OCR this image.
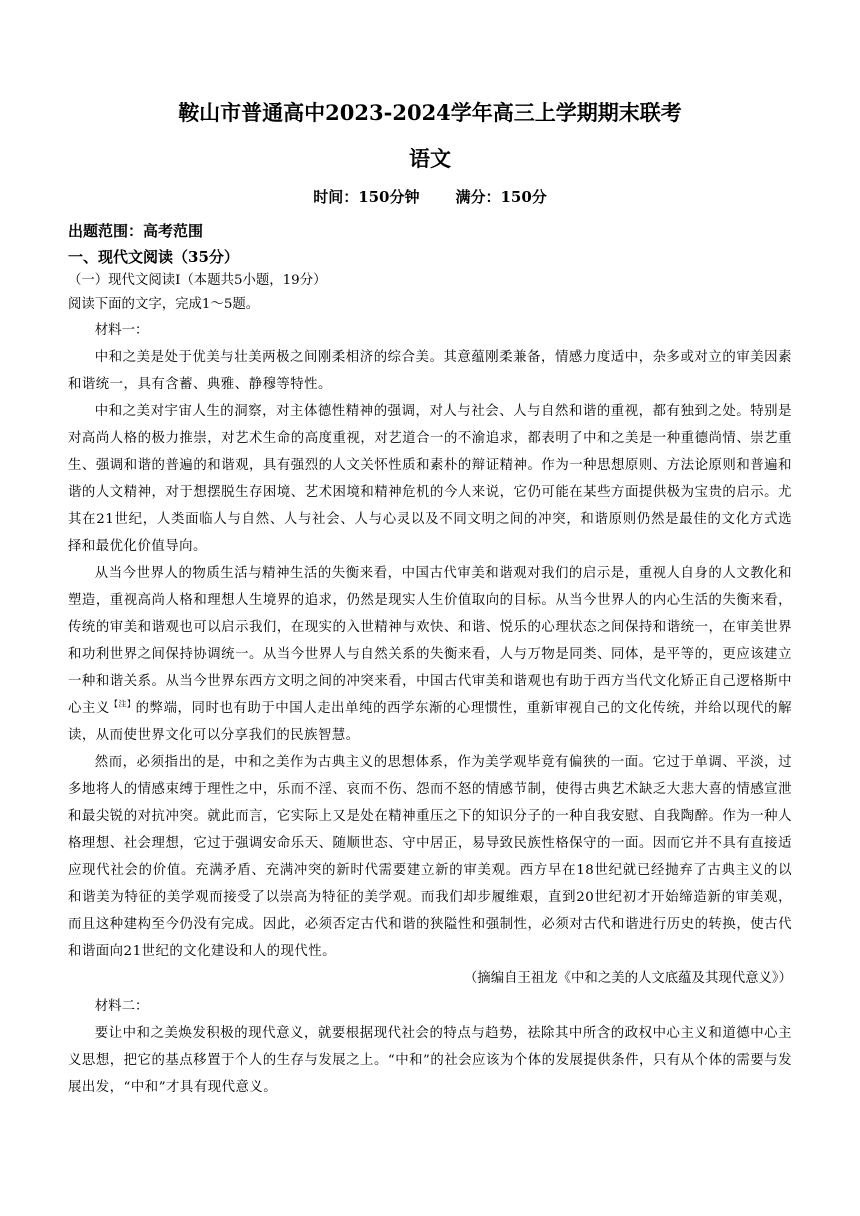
鞍山市普通高中2023-2024学年高三上学期期末联考
语文
时间：150分钟 满分：150分

出题范围：高考范围

一、现代文阅读（35分）

（一）现代文阅读Ⅰ（本题共5小题，19分）

阅读下面的文字，完成1～5题。

材料一：

中和之美是处于优美与壮美两极之间刚柔相济的综合美。其意蕴刚柔兼备，情感力度适中，杂多或对立的审美因素和谐统一，具有含蓄、典雅、静穆等特性。

中和之美对宇宙人生的洞察，对主体德性精神的强调，对人与社会、人与自然和谐的重视，都有独到之处。特别是对高尚人格的极力推崇，对艺术生命的高度重视，对艺道合一的不渝追求，都表明了中和之美是一种重德尚情、崇艺重生、强调和谐的普遍的和谐观，具有强烈的人文关怀性质和素朴的辩证精神。作为一种思想原则、方法论原则和普遍和谐的人文精神，对于想摆脱生存困境、艺术困境和精神危机的今人来说，它仍可能在某些方面提供极为宝贵的启示。尤其在21世纪，人类面临人与自然、人与社会、人与心灵以及不同文明之间的冲突，和谐原则仍然是最佳的文化方式选择和最优化价值导向。

从当今世界人的物质生活与精神生活的失衡来看，中国古代审美和谐观对我们的启示是，重视人自身的人文教化和塑造，重视高尚人格和理想人生境界的追求，仍然是现实人生价值取向的目标。从当今世界人的内心生活的失衡来看，传统的审美和谐观也可以启示我们，在现实的入世精神与欢快、和谐、悦乐的心理状态之间保持和谐统一，在审美世界和功利世界之间保持协调统一。从当今世界人与自然关系的失衡来看，人与万物是同类、同体，是平等的，更应该建立一种和谐关系。从当今世界东西方文明之间的冲突来看，中国古代审美和谐观也有助于西方当代文化矫正自己逻格斯中心主义$^{【注】}$的弊端，同时也有助于中国人走出单纯的西学东渐的心理惯性，重新审视自己的文化传统，并给以现代的解读，从而使世界文化可以分享我们的民族智慧。

然而，必须指出的是，中和之美作为古典主义的思想体系，作为美学观毕竟有偏狭的一面。它过于单调、平淡，过多地将人的情感束缚于理性之中，乐而不淫、哀而不伤、怨而不怒的情感节制，使得古典艺术缺乏大悲大喜的情感宣泄和最尖锐的对抗冲突。就此而言，它实际上又是处在精神重压之下的知识分子的一种自我安慰、自我陶醉。作为一种人格理想、社会理想，它过于强调安命乐天、随顺世态、守中居正，易导致民族性格保守的一面。因而它并不具有直接适应现代社会的价值。充满矛盾、充满冲突的新时代需要建立新的审美观。西方早在18世纪就已经抛弃了古典主义的以和谐美为特征的美学观而接受了以崇高为特征的美学观。而我们却步履维艰，直到20世纪初才开始缔造新的审美观，而且这种建构至今仍没有完成。因此，必须否定古代和谐的狭隘性和强制性，必须对古代和谐进行历史的转换，使古代和谐面向21世纪的文化建设和人的现代性。

（摘编自王祖龙《中和之美的人文底蕴及其现代意义》）

材料二：

要让中和之美焕发积极的现代意义，就要根据现代社会的特点与趋势，祛除其中所含的政权中心主义和道德中心主义思想，把它的基点移置于个人的生存与发展之上。“中和”的社会应该为个体的发展提供条件，只有从个体的需要与发展出发，“中和”才具有现代意义。
